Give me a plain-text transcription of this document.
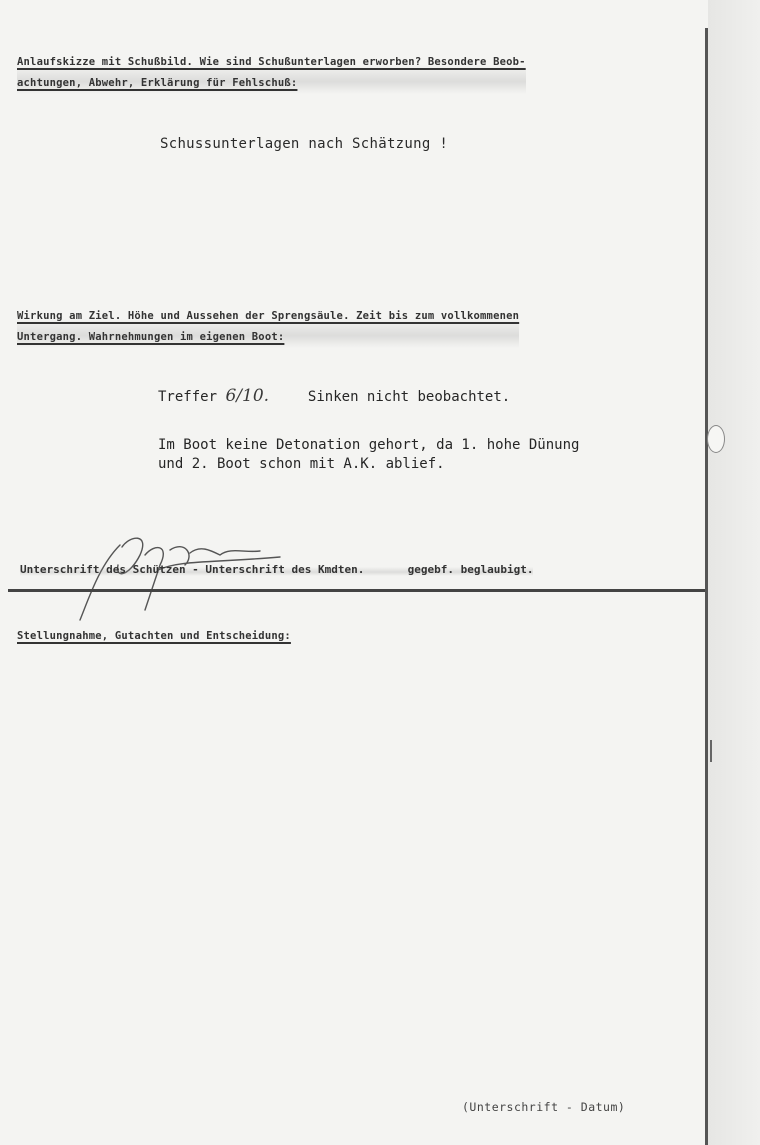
Anlaufskizze mit Schußbild. Wie sind Schußunterlagen erworben? Besondere Beob-
achtungen, Abwehr, Erklärung für Fehlschuß:
Schussunterlagen nach Schätzung !
Wirkung am Ziel. Höhe und Aussehen der Sprengsäule. Zeit bis zum vollkommenen
Untergang. Wahrnehmungen im eigenen Boot:
Treffer 6/10.	Sinken nicht beobachtet.
Im Boot keine Detonation gehort, da 1. hohe Dünung
und 2. Boot schon mit A.K. ablief.
Unterschrift des Schützen - Unterschrift des Kmdten.	gegebf. beglaubigt.
Stellungnahme, Gutachten und Entscheidung:
(Unterschrift - Datum)
